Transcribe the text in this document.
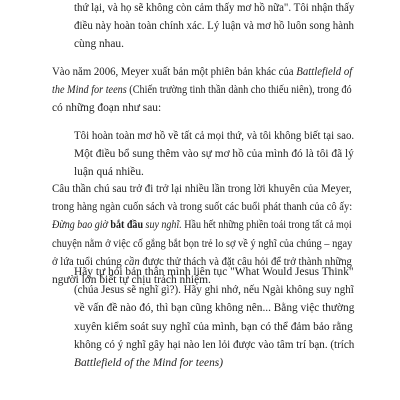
thứ lại, và họ sẽ không còn cảm thấy mơ hồ nữa". Tôi nhận thấy
điều này hoàn toàn chính xác. Lý luận và mơ hồ luôn song hành
cùng nhau.

Vào năm 2006, Meyer xuất bản một phiên bản khác của Battlefield of
the Mind for teens (Chiến trường tinh thần dành cho thiếu niên), trong đó
có những đoạn như sau:

Tôi hoàn toàn mơ hồ về tất cả mọi thứ, và tôi không biết tại sao.
Một điều bổ sung thêm vào sự mơ hồ của mình đó là tôi đã lý
luận quá nhiều.

Câu thần chú sau trở đi trở lại nhiều lần trong lời khuyên của Meyer,
trong hàng ngàn cuốn sách và trong suốt các buổi phát thanh của cô ấy:
Đừng bao giờ bắt đầu suy nghĩ. Hầu hết những phiền toái trong tất cả mọi
chuyện nằm ở việc cố gắng bắt bọn trẻ lo sợ về ý nghĩ của chúng – ngay
ở lứa tuổi chúng cần được thử thách và đặt câu hỏi để trở thành những
người lớn biết tự chịu trách nhiệm.

Hãy tự hỏi bản thân mình liên tục "What Would Jesus Think"
(chúa Jesus sẽ nghĩ gì?). Hãy ghi nhớ, nếu Ngài không suy nghĩ
về vấn đề nào đó, thì bạn cũng không nên... Bằng việc thường
xuyên kiểm soát suy nghĩ của mình, bạn có thể đảm bảo rằng
không có ý nghĩ gây hại nào len lỏi được vào tâm trí bạn. (trích
Battlefield of the Mind for teens)
